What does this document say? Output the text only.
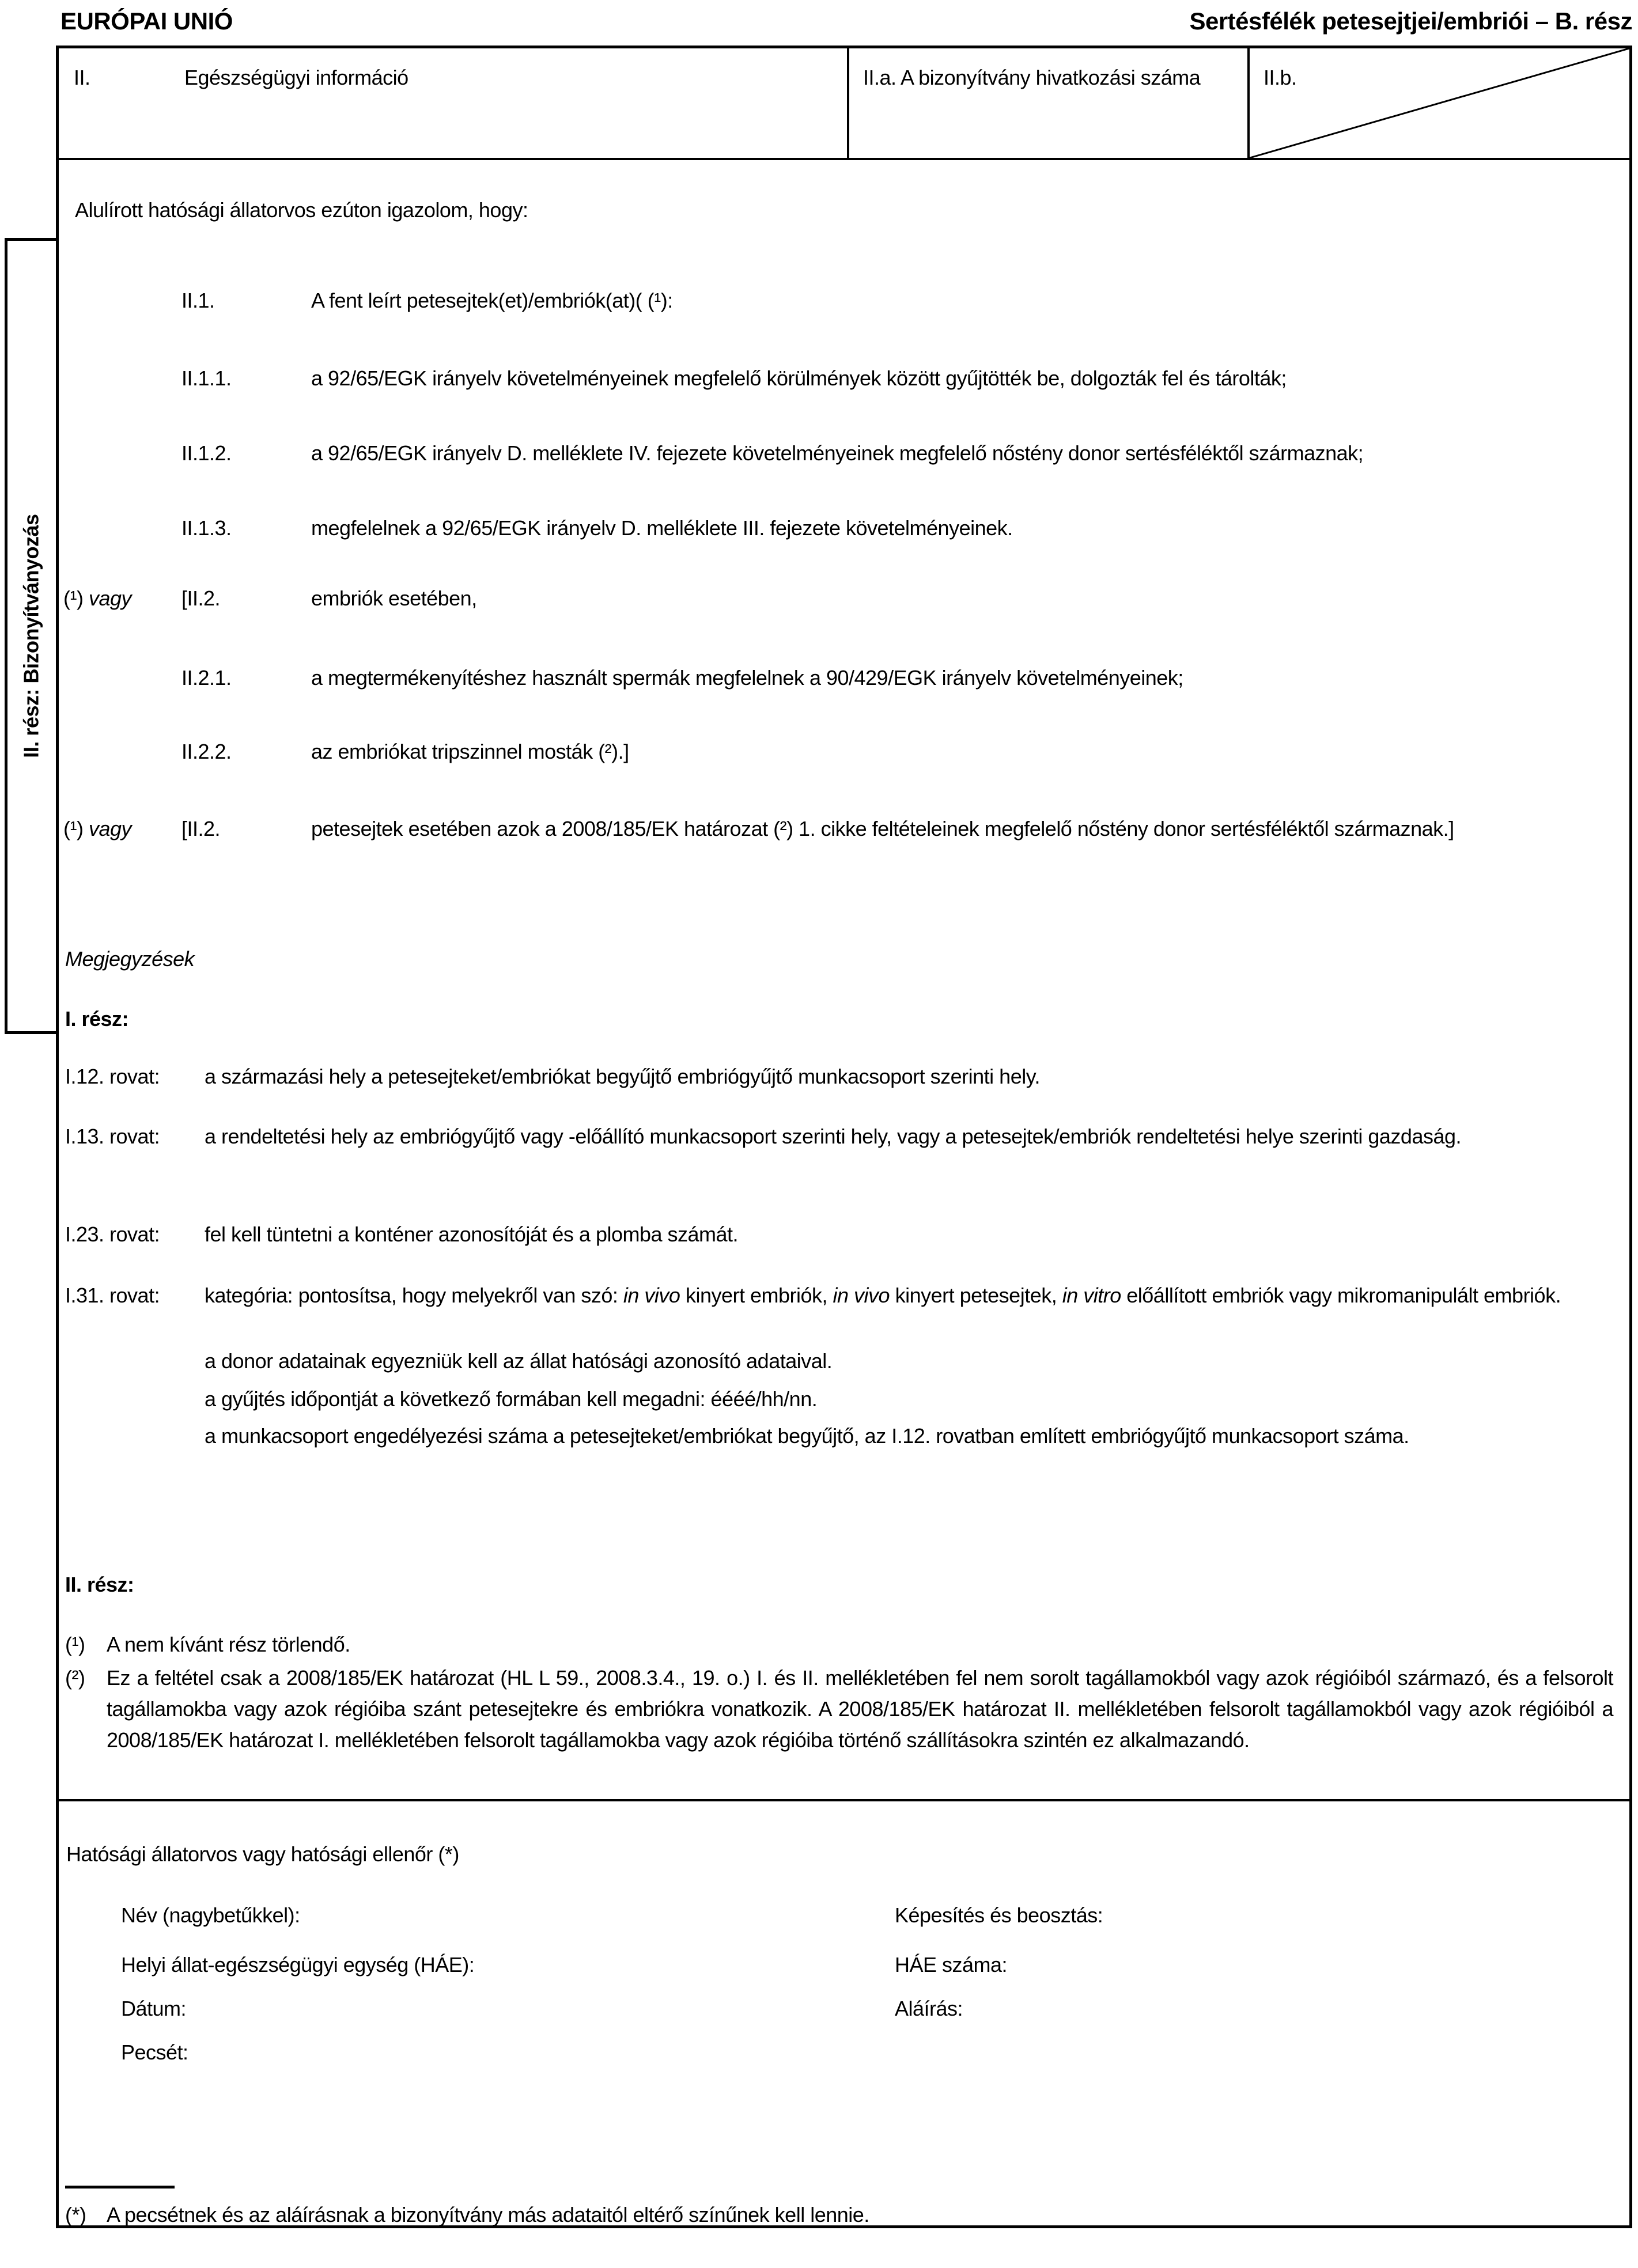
EURÓPAI UNIÓ	Sertésfélék petesejtjei/embriói – B. rész
II.	Egészségügyi információ	II.a. A bizonyítvány hivatkozási száma	II.b.
II. rész: Bizonyítványozás
Alulírott hatósági állatorvos ezúton igazolom, hogy:
II.1.	A fent leírt petesejtek(et)/embriók(at)( (¹):
II.1.1.	a 92/65/EGK irányelv követelményeinek megfelelő körülmények között gyűjtötték be, dolgozták fel és tárolták;
II.1.2.	a 92/65/EGK irányelv D. melléklete IV. fejezete követelményeinek megfelelő nőstény donor sertésféléktől származnak;
II.1.3.	megfelelnek a 92/65/EGK irányelv D. melléklete III. fejezete követelményeinek.
(¹) vagy [II.2.	embriók esetében,
II.2.1.	a megtermékenyítéshez használt spermák megfelelnek a 90/429/EGK irányelv követelményeinek;
II.2.2.	az embriókat tripszinnel mosták (²).]
(¹) vagy [II.2.	petesejtek esetében azok a 2008/185/EK határozat (²) 1. cikke feltételeinek megfelelő nőstény donor sertésféléktől származnak.]
Megjegyzések
I. rész:
I.12. rovat: a származási hely a petesejteket/embriókat begyűjtő embriógyűjtő munkacsoport szerinti hely.
I.13. rovat: a rendeltetési hely az embriógyűjtő vagy -előállító munkacsoport szerinti hely, vagy a petesejtek/embriók rendeltetési helye szerinti gazdaság.
I.23. rovat: fel kell tüntetni a konténer azonosítóját és a plomba számát.
I.31. rovat: kategória: pontosítsa, hogy melyekről van szó: in vivo kinyert embriók, in vivo kinyert petesejtek, in vitro előállított embriók vagy mikromanipulált embriók.
a donor adatainak egyezniük kell az állat hatósági azonosító adataival.
a gyűjtés időpontját a következő formában kell megadni: éééé/hh/nn.
a munkacsoport engedélyezési száma a petesejteket/embriókat begyűjtő, az I.12. rovatban említett embriógyűjtő munkacsoport száma.
II. rész:
(¹) A nem kívánt rész törlendő.
(²) Ez a feltétel csak a 2008/185/EK határozat (HL L 59., 2008.3.4., 19. o.) I. és II. mellékletében fel nem sorolt tagállamokból vagy azok régióiból származó, és a felsorolt tagállamokba vagy azok régióiba szánt petesejtekre és embriókra vonatkozik. A 2008/185/EK határozat II. mellékletében felsorolt tagállamokból vagy azok régióiból a 2008/185/EK határozat I. mellékletében felsorolt tagállamokba vagy azok régióiba történő szállításokra szintén ez alkalmazandó.
Hatósági állatorvos vagy hatósági ellenőr (*)
Név (nagybetűkkel):	Képesítés és beosztás:
Helyi állat-egészségügyi egység (HÁE):	HÁE száma:
Dátum:	Aláírás:
Pecsét:
(*) A pecsétnek és az aláírásnak a bizonyítvány más adataitól eltérő színűnek kell lennie.
